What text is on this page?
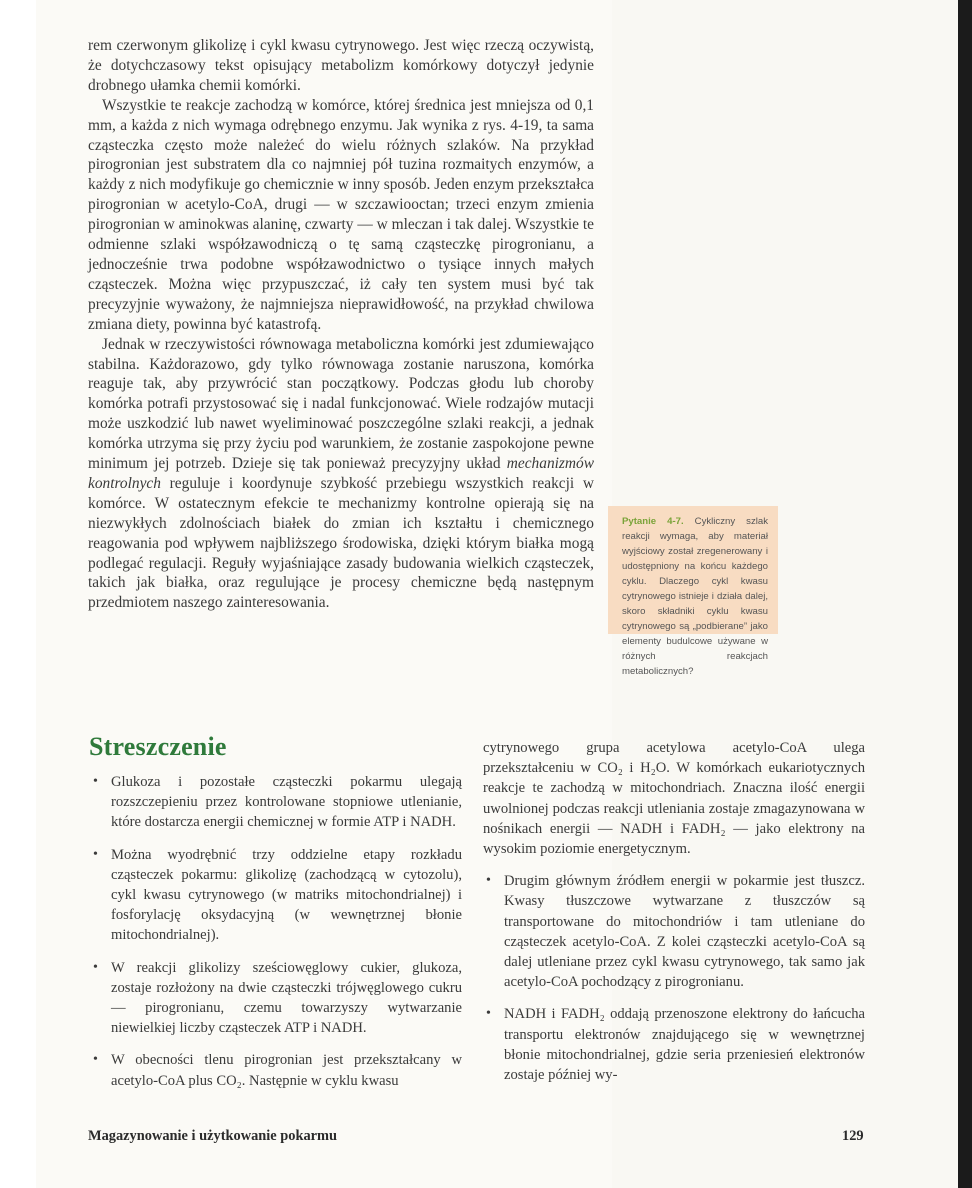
rem czerwonym glikolizę i cykl kwasu cytrynowego. Jest więc rzeczą oczywistą, że dotychczasowy tekst opisujący metabolizm komórkowy dotyczył jedynie drobnego ułamka chemii komórki.

Wszystkie te reakcje zachodzą w komórce, której średnica jest mniejsza od 0,1 mm, a każda z nich wymaga odrębnego enzymu. Jak wynika z rys. 4-19, ta sama cząsteczka często może należeć do wielu różnych szlaków. Na przykład pirogronian jest substratem dla co najmniej pół tuzina rozmaitych enzymów, a każdy z nich modyfikuje go chemicznie w inny sposób. Jeden enzym przekształca pirogronian w acetylo-CoA, drugi — w szczawiooctan; trzeci enzym zmienia pirogronian w aminokwas alaninę, czwarty — w mleczan i tak dalej. Wszystkie te odmienne szlaki współzawodniczą o tę samą cząsteczkę pirogronianu, a jednocześnie trwa podobne współzawodnictwo o tysiące innych małych cząsteczek. Można więc przypuszczać, iż cały ten system musi być tak precyzyjnie wyważony, że najmniejsza nieprawidłowość, na przykład chwilowa zmiana diety, powinna być katastrofą.

Jednak w rzeczywistości równowaga metaboliczna komórki jest zdumiewająco stabilna. Każdorazowo, gdy tylko równowaga zostanie naruszona, komórka reaguje tak, aby przywrócić stan początkowy. Podczas głodu lub choroby komórka potrafi przystosować się i nadal funkcjonować. Wiele rodzajów mutacji może uszkodzić lub nawet wyeliminować poszczególne szlaki reakcji, a jednak komórka utrzyma się przy życiu pod warunkiem, że zostanie zaspokojone pewne minimum jej potrzeb. Dzieje się tak ponieważ precyzyjny układ mechanizmów kontrolnych reguluje i koordynuje szybkość przebiegu wszystkich reakcji w komórce. W ostatecznym efekcie te mechanizmy kontrolne opierają się na niezwykłych zdolnościach białek do zmian ich kształtu i chemicznego reagowania pod wpływem najbliższego środowiska, dzięki którym białka mogą podlegać regulacji. Reguły wyjaśniające zasady budowania wielkich cząsteczek, takich jak białka, oraz regulujące je procesy chemiczne będą następnym przedmiotem naszego zainteresowania.

Pytanie 4-7. Cykliczny szlak reakcji wymaga, aby materiał wyjściowy został zregenerowany i udostępniony na końcu każdego cyklu. Dlaczego cykl kwasu cytrynowego istnieje i działa dalej, skoro składniki cyklu kwasu cytrynowego są „podbierane” jako elementy budulcowe używane w różnych reakcjach metabolicznych?
Streszczenie
• Glukoza i pozostałe cząsteczki pokarmu ulegają rozszczepieniu przez kontrolowane stopniowe utlenianie, które dostarcza energii chemicznej w formie ATP i NADH.
• Można wyodrębnić trzy oddzielne etapy rozkładu cząsteczek pokarmu: glikolizę (zachodzącą w cytozolu), cykl kwasu cytrynowego (w matriks mitochondrialnej) i fosforylację oksydacyjną (w wewnętrznej błonie mitochondrialnej).
• W reakcji glikolizy sześciowęglowy cukier, glukoza, zostaje rozłożony na dwie cząsteczki trójwęglowego cukru — pirogronianu, czemu towarzyszy wytwarzanie niewielkiej liczby cząsteczek ATP i NADH.
• W obecności tlenu pirogronian jest przekształcany w acetylo-CoA plus CO₂. Następnie w cyklu kwasu
cytrynowego grupa acetylowa acetylo-CoA ulega przekształceniu w CO₂ i H₂O. W komórkach eukariotycznych reakcje te zachodzą w mitochondriach. Znaczna ilość energii uwolnionej podczas reakcji utleniania zostaje zmagazynowana w nośnikach energii — NADH i FADH₂ — jako elektrony na wysokim poziomie energetycznym.
• Drugim głównym źródłem energii w pokarmie jest tłuszcz. Kwasy tłuszczowe wytwarzane z tłuszczów są transportowane do mitochondriów i tam utleniane do cząsteczek acetylo-CoA. Z kolei cząsteczki acetylo-CoA są dalej utleniane przez cykl kwasu cytrynowego, tak samo jak acetylo-CoA pochodzący z pirogronianu.
• NADH i FADH₂ oddają przenoszone elektrony do łańcucha transportu elektronów znajdującego się w wewnętrznej błonie mitochondrialnej, gdzie seria przeniesień elektronów zostaje później wy-
Magazynowanie i użytkowanie pokarmu	129
